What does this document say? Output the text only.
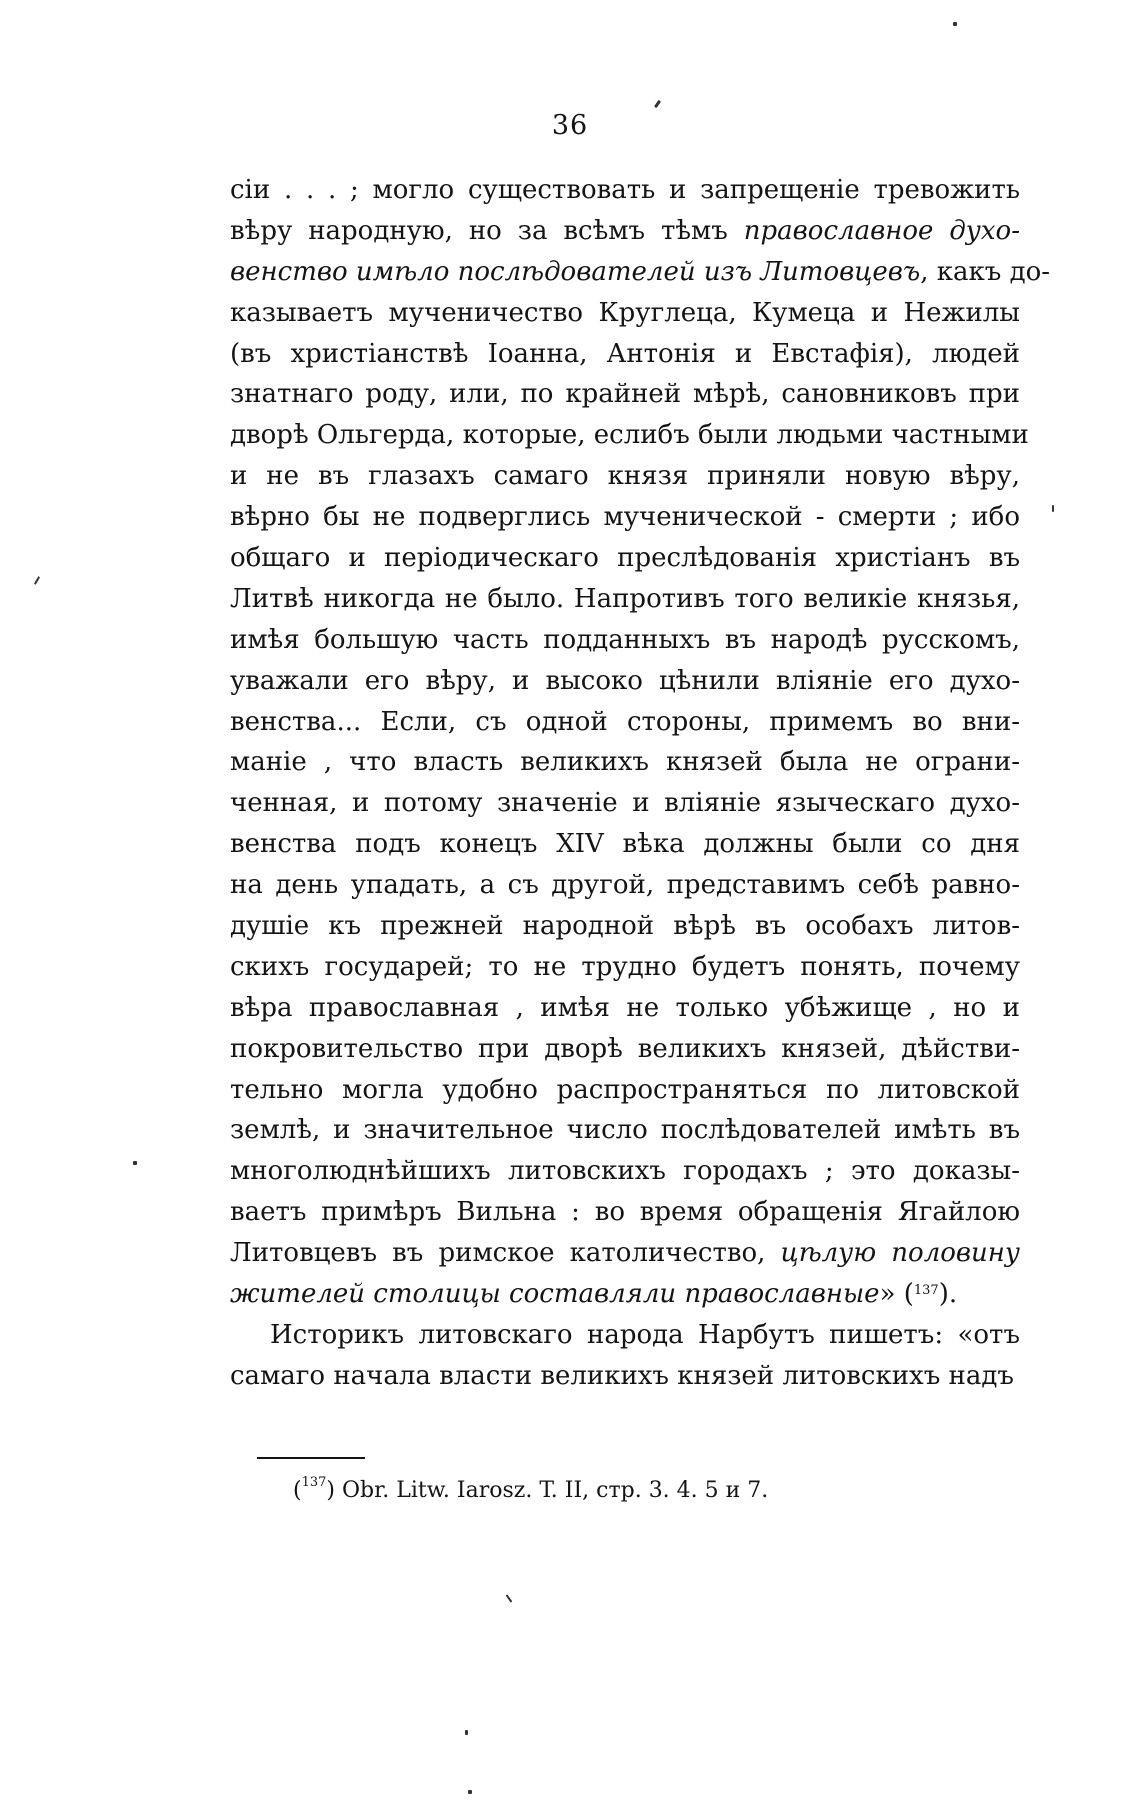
36
сiи . . . ; могло существовать и запрещенiе тревожить
вѣру народную, но за всѣмъ тѣмъ православное духо-
венство имѣло послѣдователей изъ Литовцевъ, какъ до-
казываетъ мученичество Круглеца, Кумеца и Нежилы
(въ христiанствѣ Iоанна, Антонiя и Евстафiя), людей
знатнаго роду, или, по крайней мѣрѣ, сановниковъ при
дворѣ Ольгерда, которые, еслибъ были людьми частными
и не въ глазахъ самаго князя приняли новую вѣру,
вѣрно бы не подверглись мученической - смерти ; ибо
общаго и перiодическаго преслѣдованiя христiанъ въ
Литвѣ никогда не было. Напротивъ того великiе князья,
имѣя большую часть подданныхъ въ народѣ русскомъ,
уважали его вѣру, и высоко цѣнили влiянiе его духо-
венства... Если, съ одной стороны, примемъ во вни-
манiе , что власть великихъ князей была не ограни-
ченная, и потому значенiе и влiянiе языческаго духо-
венства подъ конецъ XIV вѣка должны были со дня
на день упадать, а съ другой, представимъ себѣ равно-
душiе къ прежней народной вѣрѣ въ особахъ литов-
скихъ государей; то не трудно будетъ понять, почему
вѣра православная , имѣя не только убѣжище , но и
покровительство при дворѣ великихъ князей, дѣйстви-
тельно могла удобно распространяться по литовской
землѣ, и значительное число послѣдователей имѣть въ
многолюднѣйшихъ литовскихъ городахъ ; это доказы-
ваетъ примѣръ Вильна : во время обращенiя Ягайлою
Литовцевъ въ римское католичество, цѣлую половину
жителей столицы составляли православные» ($^{137}$).
Историкъ литовскаго народа Нарбутъ пишетъ: «отъ
самаго начала власти великихъ князей литовскихъ надъ
($^{137}$) Obr. Litw. Iarosz. T. II, стр. 3. 4. 5 и 7.
